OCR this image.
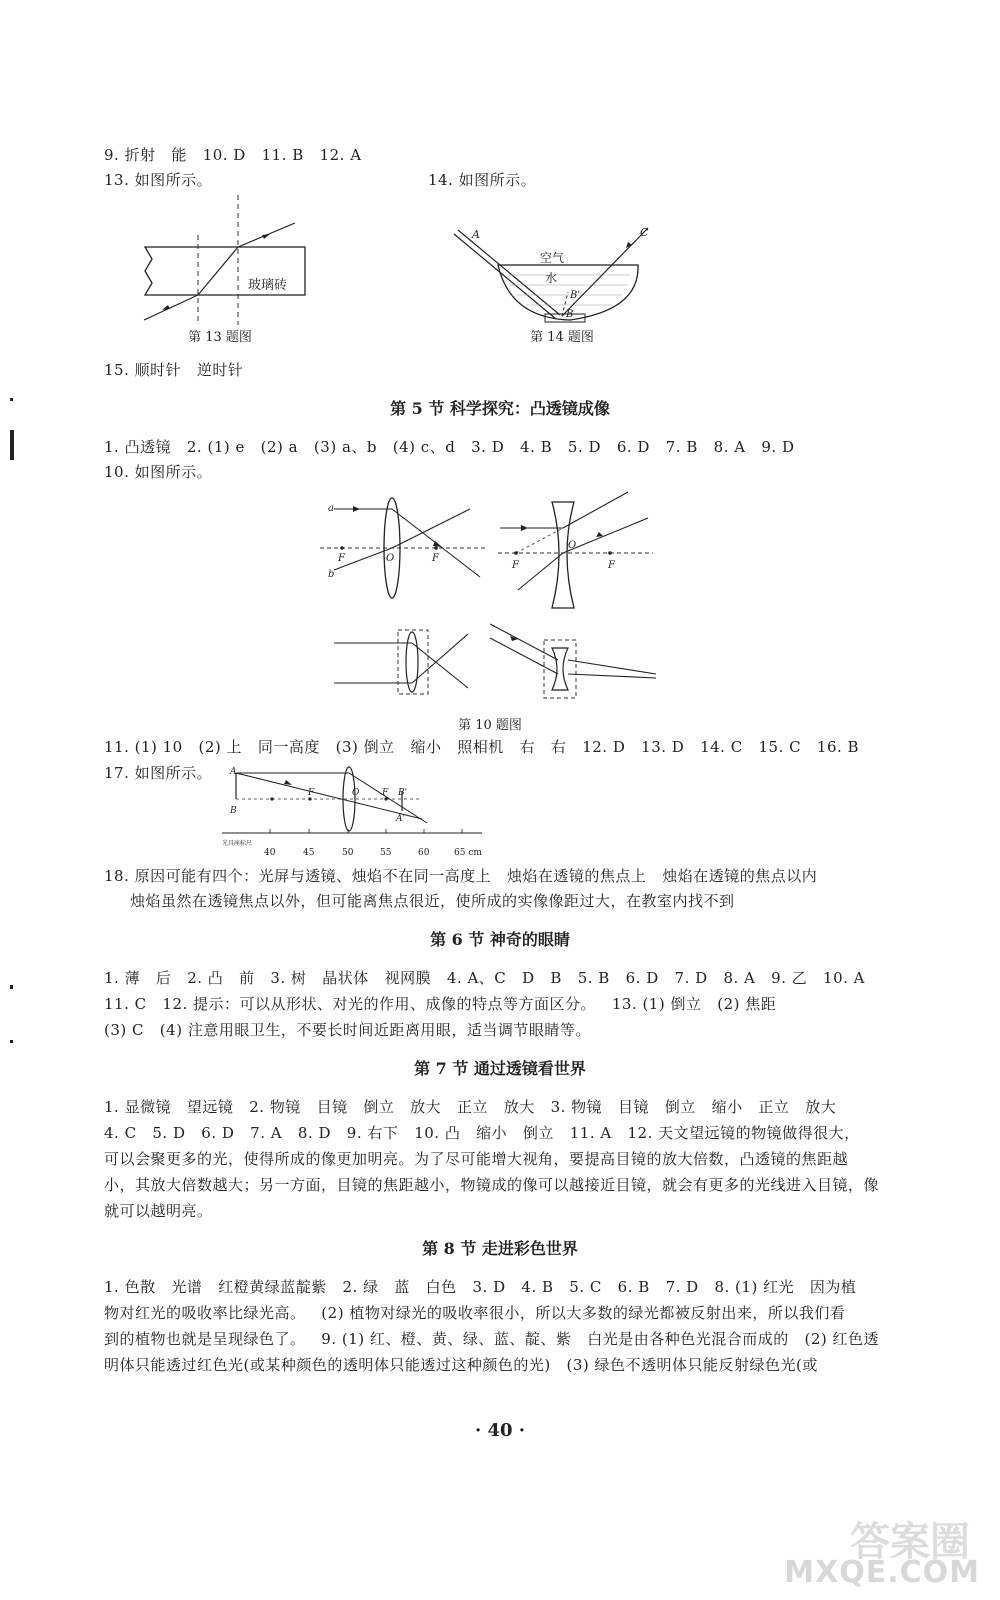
9. 折射   能   10. D   11. B   12. A
13. 如图所示。	14. 如图所示。
玻璃砖
第 13 题图
A	C
空气
水
B'
B
第 14 题图
15. 顺时针   逆时针
第 5 节 科学探究：凸透镜成像
1. 凸透镜   2. (1) e   (2) a   (3) a、b   (4) c、d   3. D   4. B   5. D   6. D   7. B   8. A   9. D
10. 如图所示。
a
b
F	F
O
F	F
O
第 10 题图
11. (1) 10   (2) 上   同一高度   (3) 倒立   缩小   照相机   右   右   12. D   13. D   14. C   15. C   16. B
17. 如图所示。 A
B
F	O	F B'
A'
光具座标尺
40	45	50	55	60	65 cm
18. 原因可能有四个：光屏与透镜、烛焰不在同一高度上   烛焰在透镜的焦点上   烛焰在透镜的焦点以内
烛焰虽然在透镜焦点以外，但可能离焦点很近，使所成的实像像距过大，在教室内找不到
第 6 节 神奇的眼睛
1. 薄   后   2. 凸   前   3. 树   晶状体   视网膜   4. A、C   D   B   5. B   6. D   7. D   8. A   9. 乙   10. A
11. C   12. 提示：可以从形状、对光的作用、成像的特点等方面区分。   13. (1) 倒立   (2) 焦距
(3) C   (4) 注意用眼卫生，不要长时间近距离用眼，适当调节眼睛等。
第 7 节 通过透镜看世界
1. 显微镜   望远镜   2. 物镜   目镜   倒立   放大   正立   放大   3. 物镜   目镜   倒立   缩小   正立   放大
4. C   5. D   6. D   7. A   8. D   9. 右下   10. 凸   缩小   倒立   11. A   12. 天文望远镜的物镜做得很大，
可以会聚更多的光，使得所成的像更加明亮。为了尽可能增大视角，要提高目镜的放大倍数，凸透镜的焦距越
小，其放大倍数越大；另一方面，目镜的焦距越小，物镜成的像可以越接近目镜，就会有更多的光线进入目镜，像
就可以越明亮。
第 8 节 走进彩色世界
1. 色散   光谱   红橙黄绿蓝靛紫   2. 绿   蓝   白色   3. D   4. B   5. C   6. B   7. D   8. (1) 红光   因为植
物对红光的吸收率比绿光高。   (2) 植物对绿光的吸收率很小，所以大多数的绿光都被反射出来，所以我们看
到的植物也就是呈现绿色了。   9. (1) 红、橙、黄、绿、蓝、靛、紫   白光是由各种色光混合而成的   (2) 红色透
明体只能透过红色光(或某种颜色的透明体只能透过这种颜色的光)   (3) 绿色不透明体只能反射绿色光(或
· 40 ·
答案圈
MXQE.COM
